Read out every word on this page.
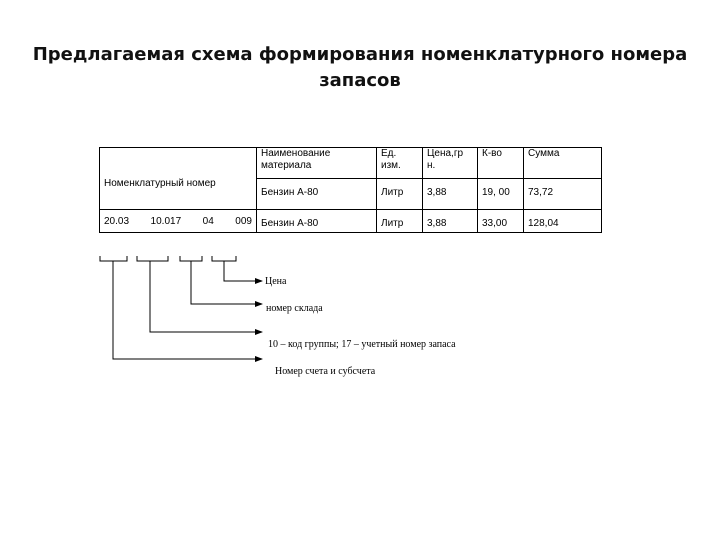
Предлагаемая схема формирования номенклатурного номера
запасов
Номенклатурный номер	Наименование материала	Ед. изм.	Цена,гр н.	К-во	Сумма
	Бензин А-80	Литр	3,88	19, 00	73,72

20.03 10.017 04 009	Бензин А-80	Литр	3,88	33,00	128,04
Цена
номер склада
10 – код группы; 17 – учетный номер запаса
Номер счета и субсчета
